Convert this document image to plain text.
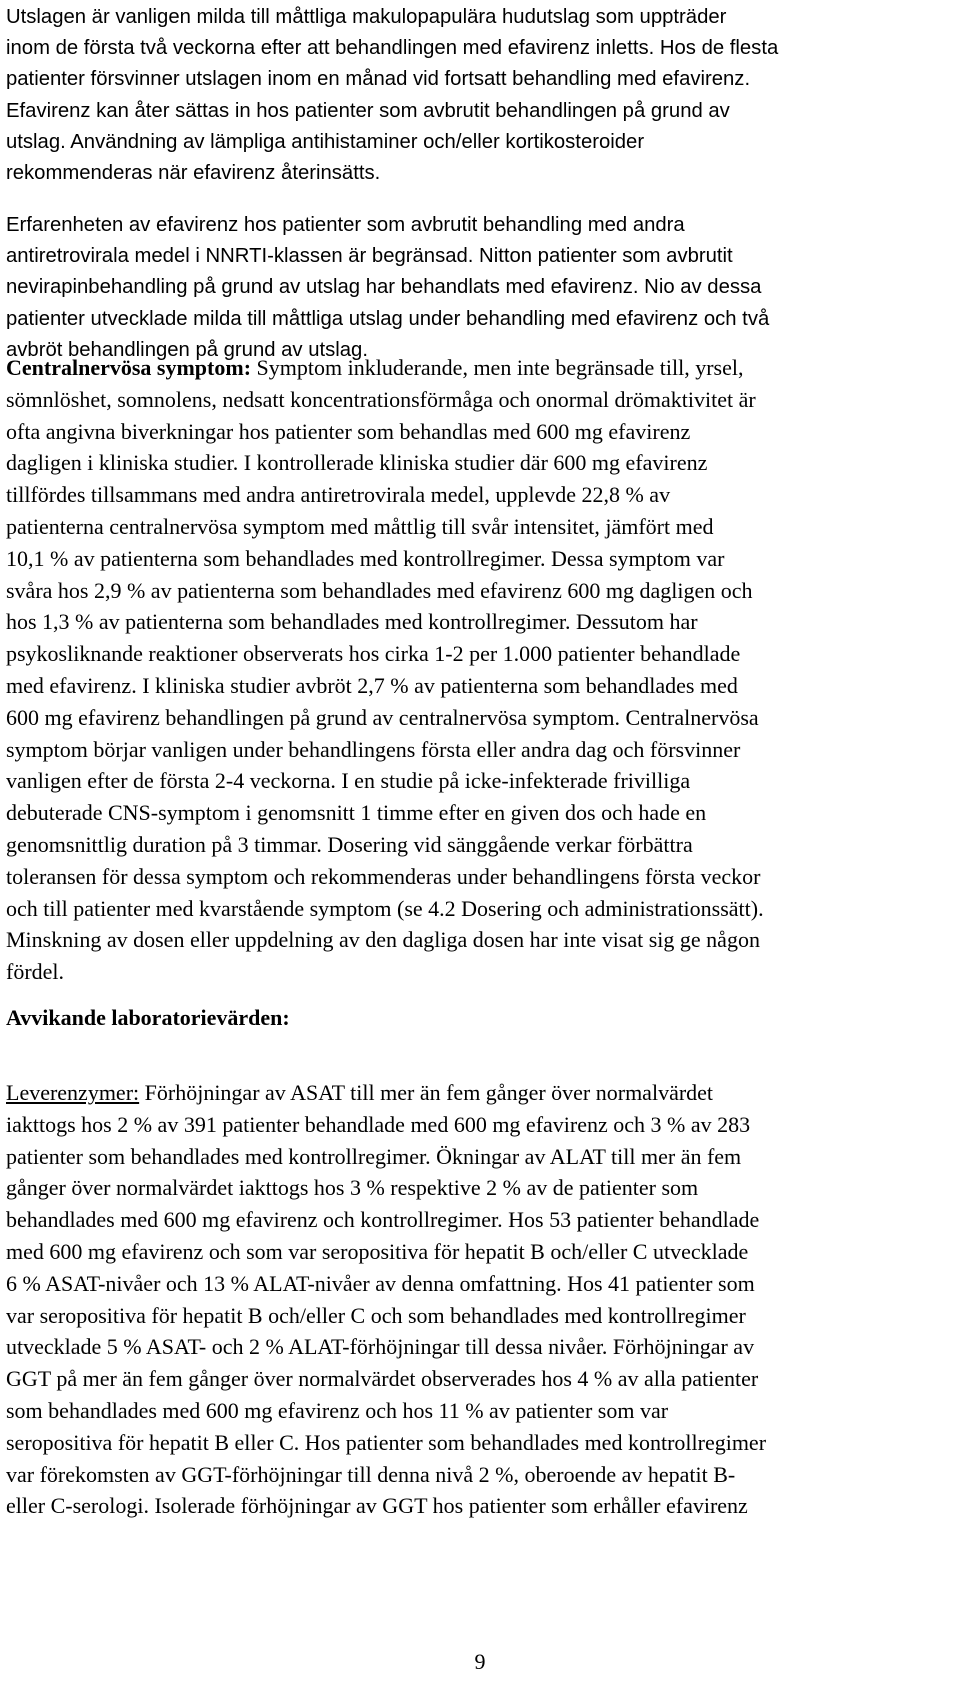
Utslagen är vanligen milda till måttliga makulopapulära hudutslag som uppträder
inom de första två veckorna efter att behandlingen med efavirenz inletts. Hos de flesta
patienter försvinner utslagen inom en månad vid fortsatt behandling med efavirenz.
Efavirenz kan åter sättas in hos patienter som avbrutit behandlingen på grund av
utslag. Användning av lämpliga antihistaminer och/eller kortikosteroider
rekommenderas när efavirenz återinsätts.

Erfarenheten av efavirenz hos patienter som avbrutit behandling med andra
antiretrovirala medel i NNRTI-klassen är begränsad. Nitton patienter som avbrutit
nevirapinbehandling på grund av utslag har behandlats med efavirenz. Nio av dessa
patienter utvecklade milda till måttliga utslag under behandling med efavirenz och två
avbröt behandlingen på grund av utslag.

Centralnervösa symptom: Symptom inkluderande, men inte begränsade till, yrsel,
sömnlöshet, somnolens, nedsatt koncentrationsförmåga och onormal drömaktivitet är
ofta angivna biverkningar hos patienter som behandlas med 600 mg efavirenz
dagligen i kliniska studier. I kontrollerade kliniska studier där 600 mg efavirenz
tillfördes tillsammans med andra antiretrovirala medel, upplevde 22,8 % av
patienterna centralnervösa symptom med måttlig till svår intensitet, jämfört med
10,1 % av patienterna som behandlades med kontrollregimer. Dessa symptom var
svåra hos 2,9 % av patienterna som behandlades med efavirenz 600 mg dagligen och
hos 1,3 % av patienterna som behandlades med kontrollregimer. Dessutom har
psykosliknande reaktioner observerats hos cirka 1-2 per 1.000 patienter behandlade
med efavirenz. I kliniska studier avbröt 2,7 % av patienterna som behandlades med
600 mg efavirenz behandlingen på grund av centralnervösa symptom. Centralnervösa
symptom börjar vanligen under behandlingens första eller andra dag och försvinner
vanligen efter de första 2-4 veckorna. I en studie på icke-infekterade frivilliga
debuterade CNS-symptom i genomsnitt 1 timme efter en given dos och hade en
genomsnittlig duration på 3 timmar. Dosering vid sänggående verkar förbättra
toleransen för dessa symptom och rekommenderas under behandlingens första veckor
och till patienter med kvarstående symptom (se 4.2 Dosering och administrationssätt).
Minskning av dosen eller uppdelning av den dagliga dosen har inte visat sig ge någon
fördel.

Avvikande laboratorievärden:

Leverenzymer: Förhöjningar av ASAT till mer än fem gånger över normalvärdet
iakttogs hos 2 % av 391 patienter behandlade med 600 mg efavirenz och 3 % av 283
patienter som behandlades med kontrollregimer. Ökningar av ALAT till mer än fem
gånger över normalvärdet iakttogs hos 3 % respektive 2 % av de patienter som
behandlades med 600 mg efavirenz och kontrollregimer. Hos 53 patienter behandlade
med 600 mg efavirenz och som var seropositiva för hepatit B och/eller C utvecklade
6 % ASAT-nivåer och 13 % ALAT-nivåer av denna omfattning. Hos 41 patienter som
var seropositiva för hepatit B och/eller C och som behandlades med kontrollregimer
utvecklade 5 % ASAT- och 2 % ALAT-förhöjningar till dessa nivåer. Förhöjningar av
GGT på mer än fem gånger över normalvärdet observerades hos 4 % av alla patienter
som behandlades med 600 mg efavirenz och hos 11 % av patienter som var
seropositiva för hepatit B eller C. Hos patienter som behandlades med kontrollregimer
var förekomsten av GGT-förhöjningar till denna nivå 2 %, oberoende av hepatit B-
eller C-serologi. Isolerade förhöjningar av GGT hos patienter som erhåller efavirenz

9
